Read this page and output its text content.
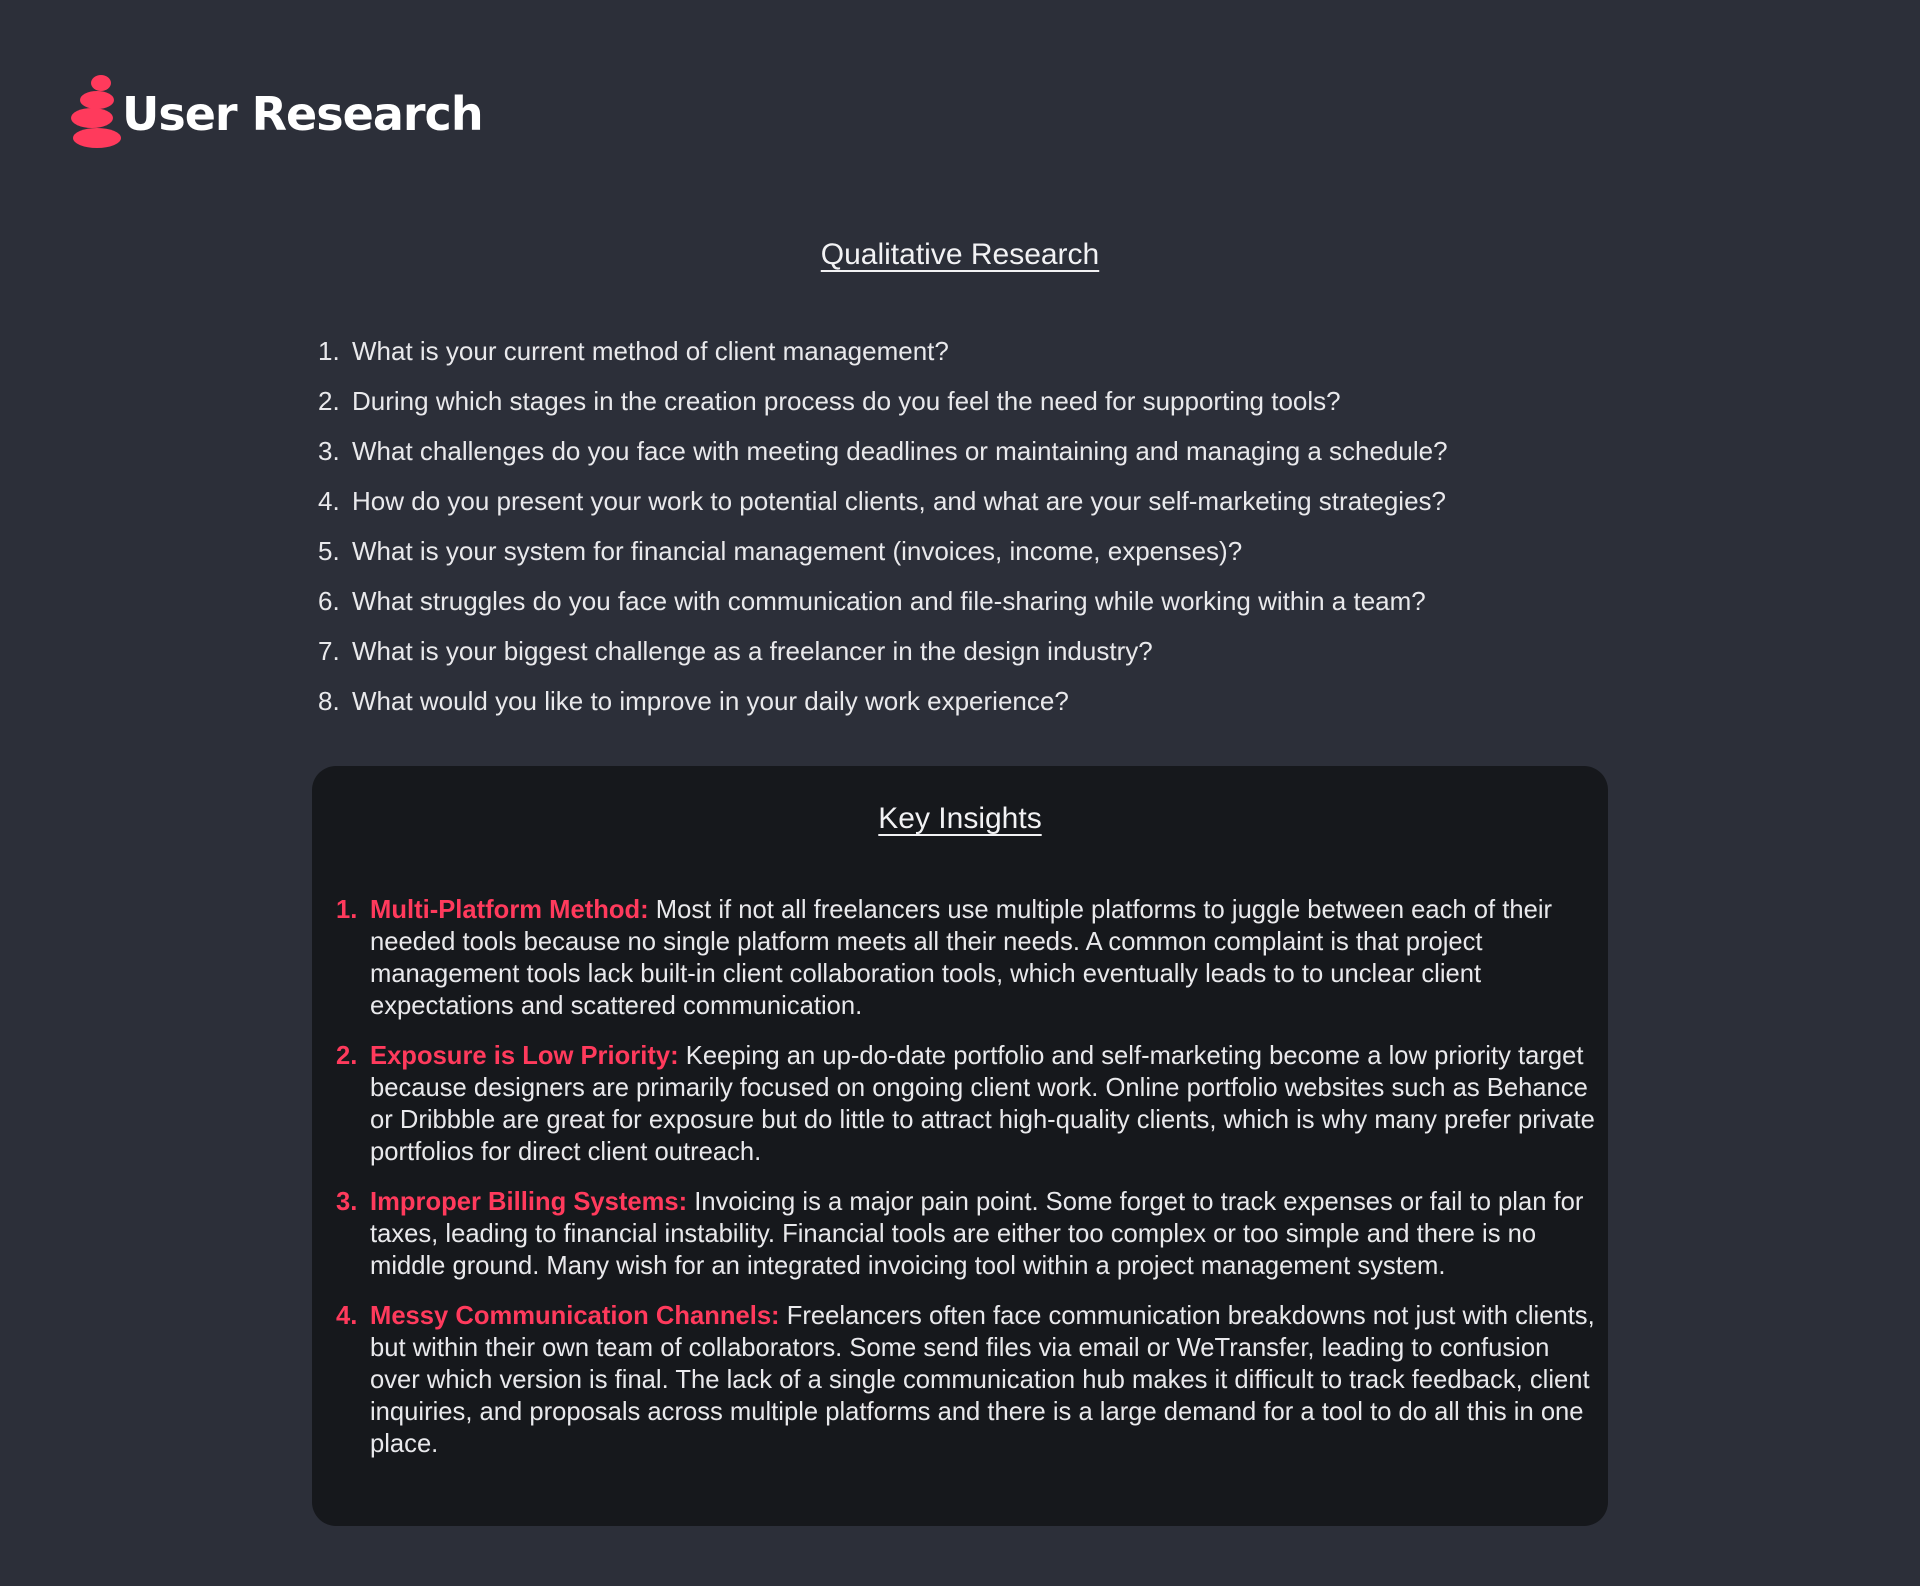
User Research
Qualitative Research
1. What is your current method of client management?
2. During which stages in the creation process do you feel the need for supporting tools?
3. What challenges do you face with meeting deadlines or maintaining and managing a schedule?
4. How do you present your work to potential clients, and what are your self-marketing strategies?
5. What is your system for financial management (invoices, income, expenses)?
6. What struggles do you face with communication and file-sharing while working within a team?
7. What is your biggest challenge as a freelancer in the design industry?
8. What would you like to improve in your daily work experience?
Key Insights
1. Multi-Platform Method: Most if not all freelancers use multiple platforms to juggle between each of their needed tools because no single platform meets all their needs. A common complaint is that project management tools lack built-in client collaboration tools, which eventually leads to to unclear client expectations and scattered communication.
2. Exposure is Low Priority: Keeping an up-do-date portfolio and self-marketing become a low priority target because designers are primarily focused on ongoing client work. Online portfolio websites such as Behance or Dribbble are great for exposure but do little to attract high-quality clients, which is why many prefer private portfolios for direct client outreach.
3. Improper Billing Systems: Invoicing is a major pain point. Some forget to track expenses or fail to plan for taxes, leading to financial instability. Financial tools are either too complex or too simple and there is no middle ground. Many wish for an integrated invoicing tool within a project management system.
4. Messy Communication Channels: Freelancers often face communication breakdowns not just with clients, but within their own team of collaborators. Some send files via email or WeTransfer, leading to confusion over which version is final. The lack of a single communication hub makes it difficult to track feedback, client inquiries, and proposals across multiple platforms and there is a large demand for a tool to do all this in one place.
